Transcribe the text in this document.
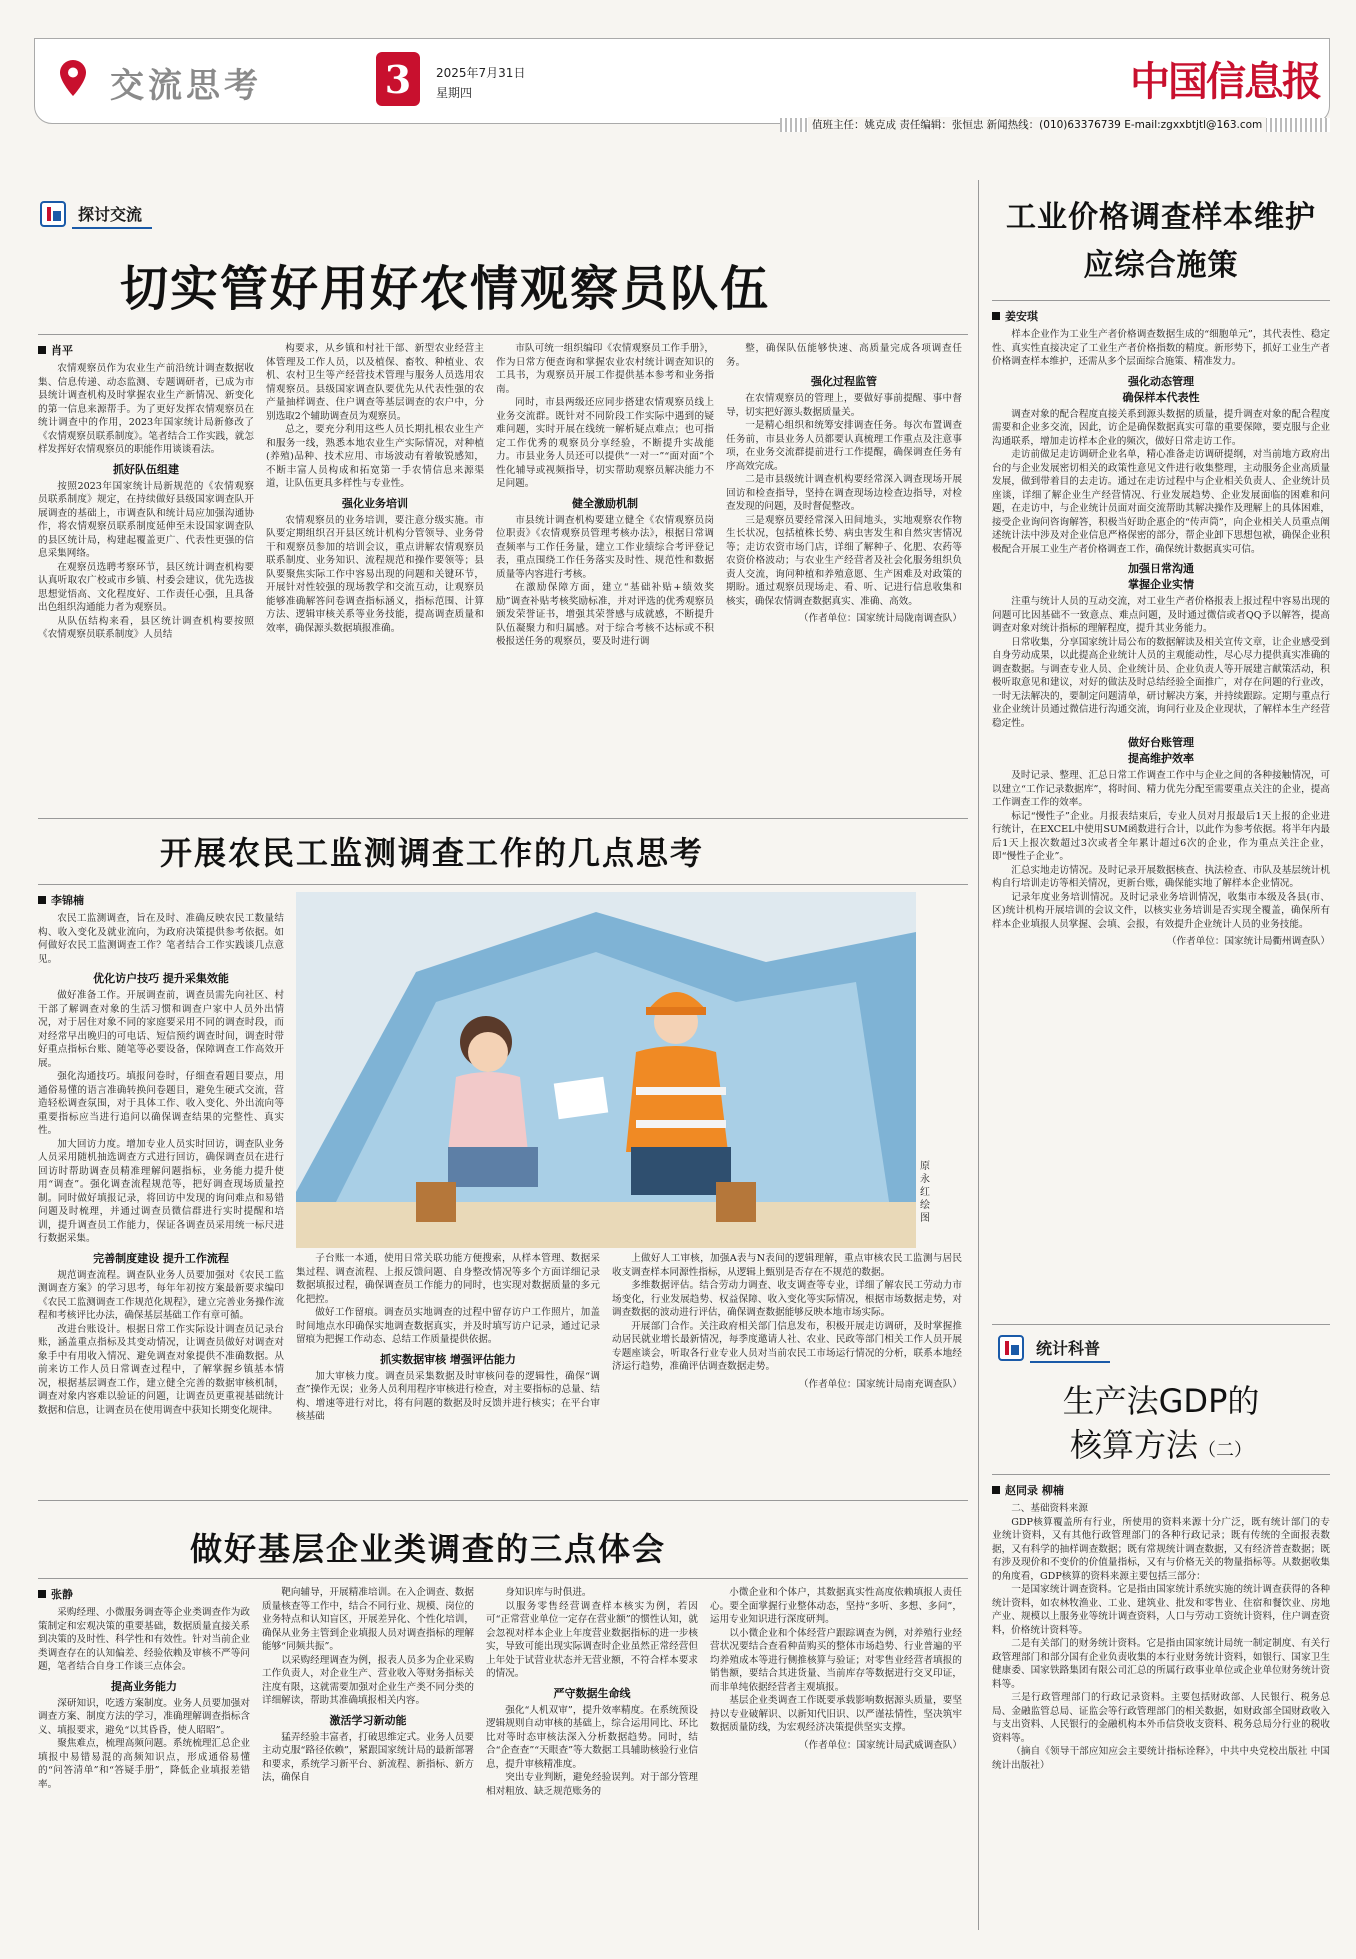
交流思考	3 2025年7月31日
星期四	中国信息报
值班主任：姚克成 责任编辑：张恒忠 新闻热线：(010)63376739 E-mail:zgxxbtjtl@163.com
探讨交流
切实管好用好农情观察员队伍
肖平

农情观察员作为农业生产前沿统计调查数据收集、信息传递、动态监测、专题调研者，已成为市县统计调查机构及时掌握农业生产新情况、新变化的第一信息来源帮手。为了更好发挥农情观察员在统计调查中的作用，2023年国家统计局新修改了《农情观察员联系制度》。笔者结合工作实践，就怎样发挥好农情观察员的职能作用谈谈看法。

抓好队伍组建

按照2023年国家统计局新规范的《农情观察员联系制度》规定，在持续做好县级国家调查队开展调查的基础上，市调查队和统计局应加强沟通协作，将农情观察员联系制度延伸至未设国家调查队的县区统计局，构建起覆盖更广、代表性更强的信息采集网络。

在观察员选聘考察环节，县区统计调查机构要认真听取农广校或市乡镇、村委会建议，优先选拔思想觉悟高、文化程度好、工作责任心强，且具备出色组织沟通能力者为观察员。

从队伍结构来看，县区统计调查机构要按照《农情观察员联系制度》人员结

构要求，从乡镇和村社干部、新型农业经营主体管理及工作人员，以及植保、畜牧、种植业、农机、农村卫生等产经营技术管理与服务人员选用农情观察员。县级国家调查队要优先从代表性强的农产量抽样调查、住户调查等基层调查的农户中，分别选取2个辅助调查员为观察员。

总之，要充分利用这些人员长期扎根农业生产和服务一线，熟悉本地农业生产实际情况，对种植(养殖)品种、技术应用、市场波动有着敏锐感知，不断丰富人员构成和拓宽第一手农情信息来源渠道，让队伍更具多样性与专业性。

强化业务培训

农情观察员的业务培训，要注意分级实施。市队要定期组织召开县区统计机构分管领导、业务骨干和观察员参加的培训会议，重点讲解农情观察员联系制度、业务知识、流程规范和操作要领等；县队要聚焦实际工作中容易出现的问题和关键环节，开展针对性较强的现场教学和交流互动，让观察员能够准确解答问卷调查指标涵义，指标范围、计算方法、逻辑审核关系等业务技能，提高调查质量和效率，确保源头数据填报准确。

市队可统一组织编印《农情观察员工作手册》，作为日常方便查询和掌握农业农村统计调查知识的工具书，为观察员开展工作提供基本参考和业务指南。

同时，市县两级还应同步搭建农情观察员线上业务交流群。既针对不同阶段工作实际中遇到的疑难问题，实时开展在线统一解析疑点难点；也可指定工作优秀的观察员分享经验，不断提升实战能力。市县业务人员还可以提供“一对一”“面对面”个性化辅导或视频指导，切实帮助观察员解决能力不足问题。

健全激励机制

市县统计调查机构要建立健全《农情观察员岗位职责》《农情观察员管理考核办法》，根据日常调查频率与工作任务量，建立工作业绩综合考评登记表，重点围绕工作任务落实及时性、规范性和数据质量等内容进行考核。

在激励保障方面，建立“基础补贴+绩效奖励”调查补贴考核奖励标准，并对评选的优秀观察员颁发荣誉证书，增强其荣誉感与成就感，不断提升队伍凝聚力和归属感。对于综合考核不达标或不积极报送任务的观察员，要及时进行调

整，确保队伍能够快速、高质量完成各项调查任务。

强化过程监管

在农情观察员的管理上，要做好事前提醒、事中督导，切实把好源头数据质量关。

一是精心组织和统筹安排调查任务。每次布置调查任务前，市县业务人员都要认真梳理工作重点及注意事项，在业务交流群提前进行工作提醒，确保调查任务有序高效完成。

二是市县级统计调查机构要经常深入调查现场开展回访和检查指导，坚持在调查现场边检查边指导，对检查发现的问题，及时督促整改。

三是观察员要经常深入田间地头，实地观察农作物生长状况，包括植株长势、病虫害发生和自然灾害情况等；走访农资市场门店，详细了解种子、化肥、农药等农资价格波动；与农业生产经营者及社会化服务组织负责人交流，询问种植和养殖意愿、生产困难及对政策的期盼。通过观察员现场走、看、听、记进行信息收集和核实，确保农情调查数据真实、准确、高效。

（作者单位：国家统计局陇南调查队）
开展农民工监测调查工作的几点思考
李锦楠

农民工监测调查，旨在及时、准确反映农民工数量结构、收入变化及就业流向，为政府决策提供参考依据。如何做好农民工监测调查工作？笔者结合工作实践谈几点意见。

优化访户技巧 提升采集效能

做好准备工作。开展调查前，调查员需先向社区、村干部了解调查对象的生活习惯和调查户家中人员外出情况，对于居住对象不同的家庭要采用不同的调查时段，而对经常早出晚归的可电话、短信预约调查时间，调查时带好重点指标台账、随笔等必要设备，保障调查工作高效开展。

强化沟通技巧。填报问卷时，仔细查看题目要点，用通俗易懂的语言准确转换问卷题目，避免生硬式交流，营造轻松调查氛围，对于具体工作、收入变化、外出流向等重要指标应当进行追问以确保调查结果的完整性、真实性。

加大回访力度。增加专业人员实时回访，调查队业务人员采用随机抽选调查方式进行回访，确保调查员在进行回访时帮助调查员精准理解问题指标，业务能力提升使用“调查”。强化调查流程规范等，把好调查现场质量控制。同时做好填报记录，将回访中发现的询问难点和易错问题及时梳理，并通过调查员微信群进行实时提醒和培训，提升调查员工作能力，保证各调查员采用统一标尺进行数据采集。

完善制度建设 提升工作流程

规范调查流程。调查队业务人员要加强对《农民工监测调查方案》的学习思考，每年年初按方案最新要求编印《农民工监测调查工作规范化规程》，建立完善业务操作流程和考核评比办法，确保基层基础工作有章可循。

改进台账设计。根据日常工作实际设计调查员记录台账，涵盖重点指标及其变动情况，让调查员做好对调查对象手中有用收入情况、避免调查对象提供不准确数据。从前来访工作人员日常调查过程中，了解掌握乡镇基本情况，根据基层调查工作，建立健全完善的数据审核机制，调查对象内容难以验证的问题，让调查员更重视基础统计数据和信息，让调查员在使用调查中获知长期变化规律。

原永红 绘图

子台账一本通，使用日常关联功能方便搜索，从样本管理、数据采集过程、调查流程、上报反馈问题、自身整改情况等多个方面详细记录数据填报过程，确保调查员工作能力的同时，也实现对数据质量的多元化把控。

做好工作留痕。调查员实地调查的过程中留存访户工作照片，加盖时间地点水印确保实地调查数据真实，并及时填写访户记录，通过记录留痕为把握工作动态、总结工作质量提供依据。

抓实数据审核 增强评估能力

加大审核力度。调查员采集数据及时审核问卷的逻辑性，确保“调查”操作无误；业务人员利用程序审核进行检查，对主要指标的总量、结构、增速等进行对比，将有问题的数据及时反馈并进行核实；在平台审核基础

上做好人工审核，加强A表与N表间的逻辑理解，重点审核农民工监测与居民收支调查样本同源性指标，从逻辑上甄别是否存在不规范的数据。

多维数据评估。结合劳动力调查、收支调查等专业，详细了解农民工劳动力市场变化，行业发展趋势、权益保障、收入变化等实际情况，根据市场数据走势，对调查数据的波动进行评估，确保调查数据能够反映本地市场实际。

开展部门合作。关注政府相关部门信息发布，积极开展走访调研，及时掌握推动居民就业增长最新情况，每季度邀请人社、农业、民政等部门相关工作人员开展专题座谈会，听取各行业专业人员对当前农民工市场运行情况的分析，联系本地经济运行趋势，准确评估调查数据走势。

（作者单位：国家统计局南充调查队）
做好基层企业类调查的三点体会
张静

采购经理、小微服务调查等企业类调查作为政策制定和宏观决策的重要基础，数据质量直接关系到决策的及时性、科学性和有效性。针对当前企业类调查存在的认知偏差、经验依赖及审核不严等问题，笔者结合自身工作谈三点体会。

提高业务能力

深研知识，吃透方案制度。业务人员要加强对调查方案、制度方法的学习，准确理解调查指标含义、填报要求，避免“以其昏昏，使人昭昭”。

聚焦难点，梳理高频问题。系统梳理汇总企业填报中易错易混的高频知识点，形成通俗易懂的“问答清单”和“答疑手册”，降低企业填报差错率。

靶向辅导，开展精准培训。在入企调查、数据质量核查等工作中，结合不同行业、规模、岗位的业务特点和认知盲区，开展差异化、个性化培训，确保从业务主管到企业填报人员对调查指标的理解能够“同频共振”。

以采购经理调查为例，报表人员多为企业采购工作负责人，对企业生产、营业收入等财务指标关注度有限，这就需要加强对企业生产类不同分类的详细解读，帮助其准确填报相关内容。

激活学习新动能

猛弄经验丰富者，打破思维定式。业务人员要主动克服“路径依赖”，紧跟国家统计局的最新部署和要求，系统学习新平台、新流程、新指标、新方法，确保自

身知识库与时俱进。

以服务零售经营调查样本核实为例，若因可“正常营业单位一定存在营业额”的惯性认知，就会忽视对样本企业上年度营业数据指标的进一步核实，导致可能出现实际调查时企业虽然正常经营但上年处于试营业状态并无营业额，不符合样本要求的情况。

严守数据生命线

强化“人机双审”，提升效率精度。在系统预设逻辑规则自动审核的基础上，综合运用同比、环比比对等时态审核法深入分析数据趋势。同时，结合“企查查”“天眼查”等大数据工具辅助核验行业信息，提升审核精准度。

突出专业判断，避免经验误判。对于部分管理相对粗放、缺乏规范账务的

小微企业和个体户，其数据真实性高度依赖填报人责任心。要全面掌握行业整体动态，坚持“多听、多想、多问”，运用专业知识进行深度研判。

以小微企业和个体经营户跟踪调查为例，对养殖行业经营状况要结合查看种苗购买的整体市场趋势、行业普遍的平均养殖成本等进行侧推核算与验证；对零售业经营者填报的销售额，要结合其进货量、当前库存等数据进行交叉印证，而非单纯依据经营者主观填报。

基层企业类调查工作既要承载影响数据源头质量，要坚持以专业破解识、以新知代旧识、以严谨祛情性，坚决筑牢数据质量防线，为宏观经济决策提供坚实支撑。

（作者单位：国家统计局武威调查队）
工业价格调查样本维护
应综合施策
姜安琪

样本企业作为工业生产者价格调查数据生成的“细胞单元”，其代表性、稳定性、真实性直接决定了工业生产者价格指数的精度。新形势下，抓好工业生产者价格调查样本维护，还需从多个层面综合施策、精准发力。

强化动态管理
确保样本代表性

调查对象的配合程度直接关系到源头数据的质量，提升调查对象的配合程度需要和企业多交流，因此，访企是确保数据真实可靠的重要保障，要克服与企业沟通联系，增加走访样本企业的频次，做好日常走访工作。

走访前做足走访调研企业名单，精心准备走访调研提纲，对当前地方政府出台的与企业发展密切相关的政策性意见文件进行收集整理，主动服务企业高质量发展，做到带着目的去走访。通过在走访过程中与企业相关负责人、企业统计员座谈，详细了解企业生产经营情况、行业发展趋势、企业发展面临的困难和问题，在走访中，与企业统计员面对面交流帮助其解决操作及理解上的具体困难，接受企业询问咨询解答，积极当好助企惠企的“传声筒”，向企业相关人员重点阐述统计法中涉及对企业信息严格保密的部分，帮企业卸下思想包袱，确保企业积极配合开展工业生产者价格调查工作，确保统计数据真实可信。

加强日常沟通
掌握企业实情

注重与统计人员的互动交流，对工业生产者价格报表上报过程中容易出现的问题可比因基础不一致意点、难点问题，及时通过微信或者QQ予以解答，提高调查对象对统计指标的理解程度，提升其业务能力。

日常收集，分享国家统计局公布的数据解读及相关宣传文章，让企业感受到自身劳动成果，以此提高企业统计人员的主观能动性，尽心尽力提供真实准确的调查数据。与调查专业人员、企业统计员、企业负责人等开展建言献策活动，积极听取意见和建议，对好的做法及时总结经验全面推广，对存在问题的行业改，一时无法解决的，要制定问题清单，研讨解决方案，并持续跟踪。定期与重点行业企业统计员通过微信进行沟通交流，询问行业及企业现状，了解样本生产经营稳定性。

做好台账管理
提高维护效率

及时记录、整理、汇总日常工作调查工作中与企业之间的各种接触情况，可以建立“工作记录数据库”，将时间、精力优先分配至需要重点关注的企业，提高工作调查工作的效率。

标记“慢性子”企业。月报表结束后，专业人员对月报最后1天上报的企业进行统计，在EXCEL中使用SUM函数进行合计，以此作为参考依据。将半年内最后1天上报次数超过3次或者全年累计超过6次的企业，作为重点关注企业，即“慢性子企业”。

汇总实地走访情况。及时记录开展数据核查、执法检查、市队及基层统计机构自行培训走访等相关情况，更新台账，确保能实地了解样本企业情况。

记录年度业务培训情况。及时记录业务培训情况，收集市本级及各县(市、区)统计机构开展培训的会议文件，以核实业务培训是否实现全覆盖，确保所有样本企业填报人员掌握、会填、会报，有效提升企业统计人员的业务技能。

（作者单位：国家统计局衢州调查队）
统计科普
生产法GDP的
核算方法（二）
赵同录 柳楠

二、基础资料来源

GDP核算覆盖所有行业，所使用的资料来源十分广泛，既有统计部门的专业统计资料，又有其他行政管理部门的各种行政记录；既有传统的全面报表数据，又有科学的抽样调查数据；既有常规统计调查数据，又有经济普查数据；既有涉及现价和不变价的价值量指标，又有与价格无关的物量指标等。从数据收集的角度看，GDP核算的资料来源主要包括三部分：

一是国家统计调查资料。它是指由国家统计系统实施的统计调查获得的各种统计资料，如农林牧渔业、工业、建筑业、批发和零售业、住宿和餐饮业、房地产业、规模以上服务业等统计调查资料，人口与劳动工资统计资料，住户调查资料，价格统计资料等。

二是有关部门的财务统计资料。它是指由国家统计局统一制定制度、有关行政管理部门和部分国有企业负责收集的本行业财务统计资料，如银行、国家卫生健康委、国家铁路集团有限公司汇总的所属行政事业单位或企业单位财务统计资料等。

三是行政管理部门的行政记录资料。主要包括财政部、人民银行、税务总局、金融监管总局、证监会等行政管理部门的相关数据，如财政部全国财政收入与支出资料、人民银行的金融机构本外币信贷收支资料、税务总局分行业的税收资料等。

（摘自《领导干部应知应会主要统计指标诠释》，中共中央党校出版社 中国统计出版社）
